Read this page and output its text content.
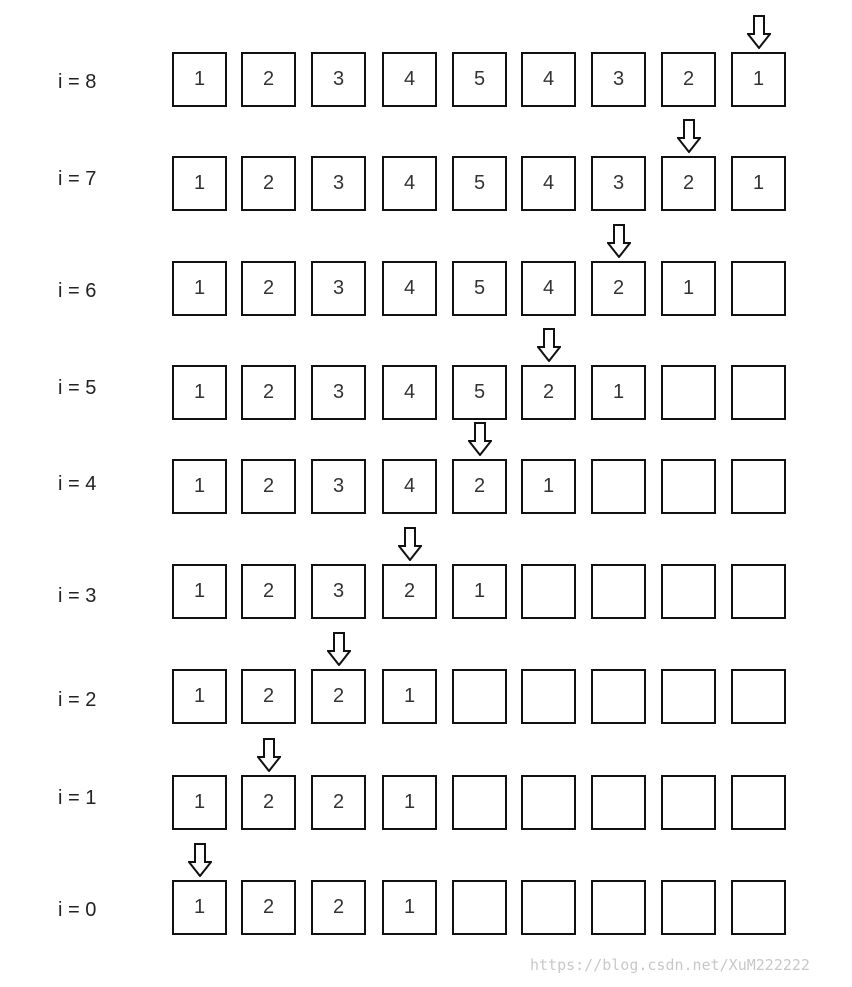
i = 8	1	2	3	4	5	4	3	2	1
i = 7	1	2	3	4	5	4	3	2	1
i = 6	1	2	3	4	5	4	2	1
i = 5	1	2	3	4	5	2	1
i = 4	1	2	3	4	2	1
i = 3	1	2	3	2	1
i = 2	1	2	2	1
i = 1	1	2	2	1
i = 0	1	2	2	1
https://blog.csdn.net/XuM222222
